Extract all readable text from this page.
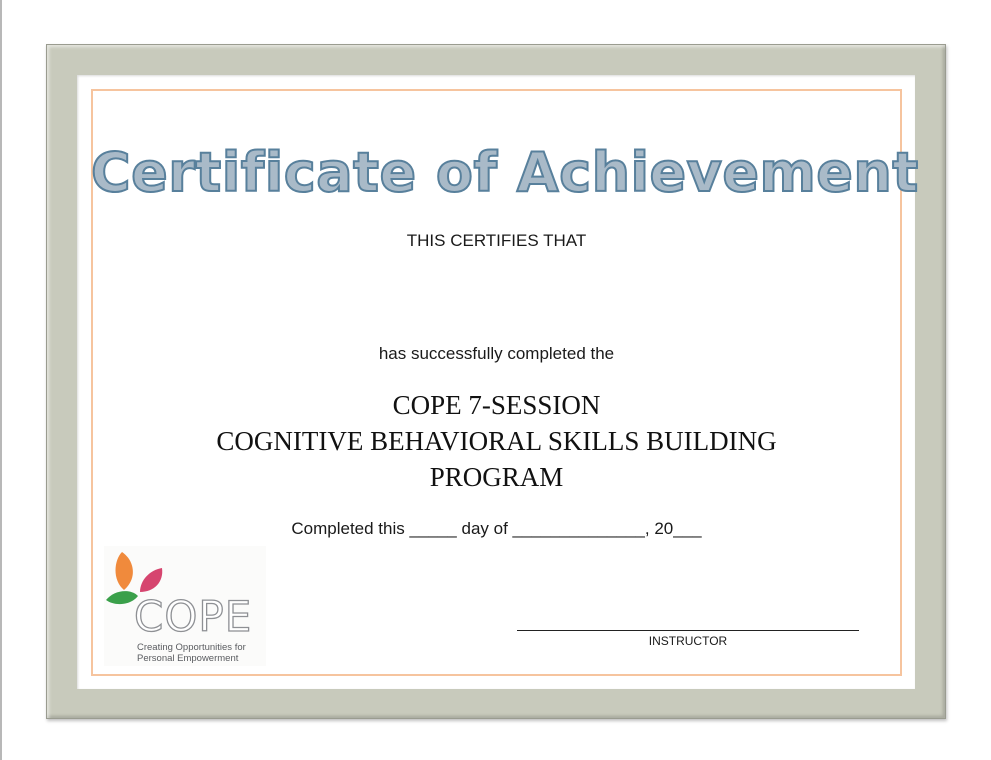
Certificate of Achievement
THIS CERTIFIES THAT
has successfully completed the
COPE 7-SESSION
COGNITIVE BEHAVIORAL SKILLS BUILDING
PROGRAM
Completed this _____ day of ______________, 20___
INSTRUCTOR
COPE
Creating Opportunities for
Personal Empowerment
